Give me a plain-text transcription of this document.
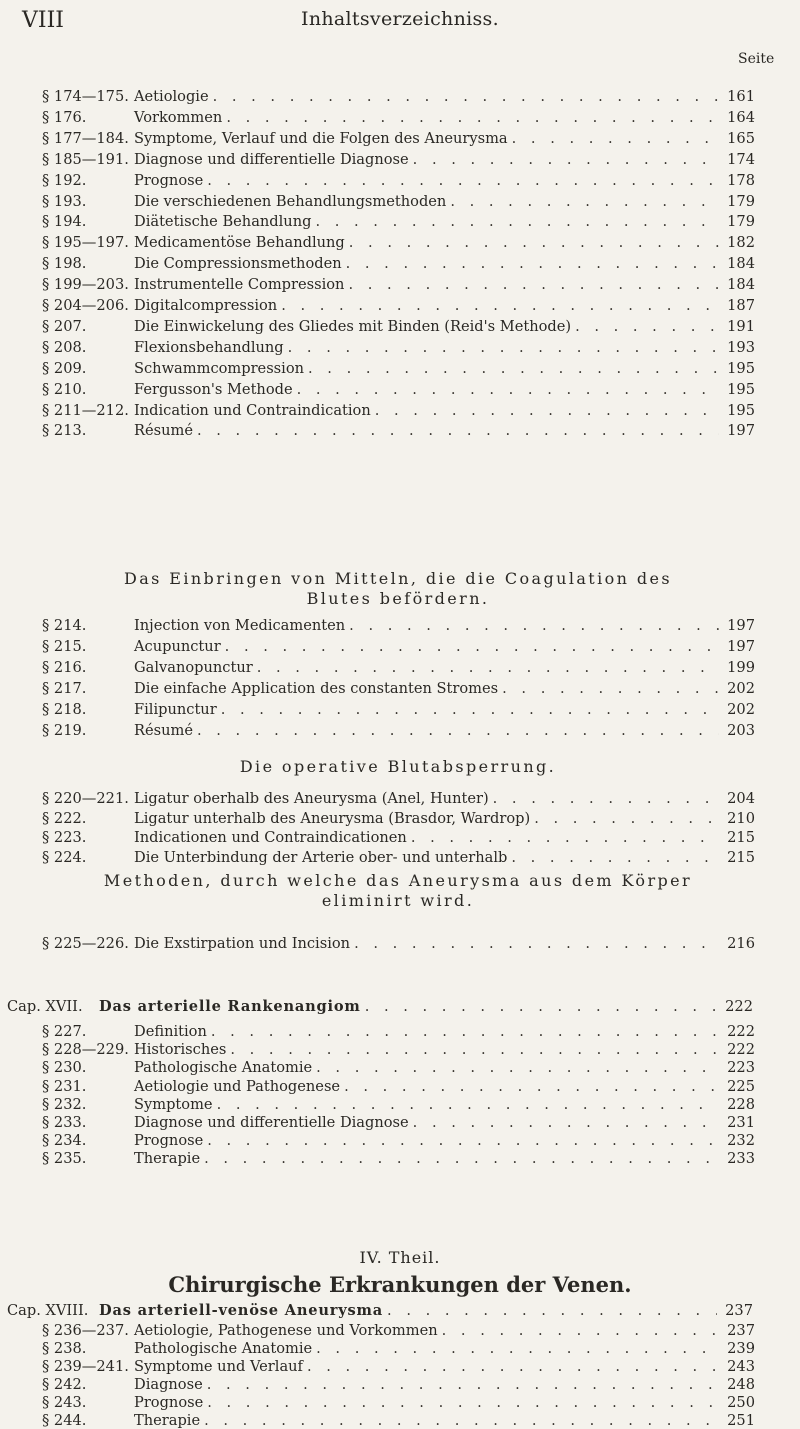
VIII	Inhaltsverzeichniss.
Seite
§ 174—175. Aetiologie . . .	161
§ 176.	Vorkommen . . .	164
§ 177—184. Symptome, Verlauf und die Folgen des Aneurysma . . .	165
§ 185—191. Diagnose und differentielle Diagnose . . .	174
§ 192.	Prognose . . .	178
§ 193.	Die verschiedenen Behandlungsmethoden . . .	179
§ 194.	Diätetische Behandlung . . .	179
§ 195—197. Medicamentöse Behandlung . . .	182
§ 198.	Die Compressionsmethoden . . .	184
§ 199—203. Instrumentelle Compression . . .	184
§ 204—206. Digitalcompression . . .	187
§ 207.	Die Einwickelung des Gliedes mit Binden (Reid's Methode) . . .	191
§ 208.	Flexionsbehandlung . . .	193
§ 209.	Schwammcompression . . .	195
§ 210.	Fergusson's Methode . . .	195
§ 211—212. Indication und Contraindication . . .	195
§ 213.	Résumé . . .	197
Das Einbringen von Mitteln, die die Coagulation des
Blutes befördern.
§ 214.	Injection von Medicamenten . . .	197
§ 215.	Acupunctur . . .	197
§ 216.	Galvanopunctur . . .	199
§ 217.	Die einfache Application des constanten Stromes . . .	202
§ 218.	Filipunctur . . .	202
§ 219.	Résumé . . .	203
Die operative Blutabsperrung.
§ 220—221. Ligatur oberhalb des Aneurysma (Anel, Hunter) . . .	204
§ 222.	Ligatur unterhalb des Aneurysma (Brasdor, Wardrop) . . .	210
§ 223.	Indicationen und Contraindicationen . . .	215
§ 224.	Die Unterbindung der Arterie ober- und unterhalb . . .	215
Methoden, durch welche das Aneurysma aus dem Körper
eliminirt wird.
§ 225—226. Die Exstirpation und Incision . . .	216
Cap. XVII.	Das arterielle Rankenangiom . . .	222
§ 227.	Definition . . .	222
§ 228—229. Historisches . . .	222
§ 230.	Pathologische Anatomie . . .	223
§ 231.	Aetiologie und Pathogenese . . .	225
§ 232.	Symptome . . .	228
§ 233.	Diagnose und differentielle Diagnose . . .	231
§ 234.	Prognose . . .	232
§ 235.	Therapie . . .	233
IV. Theil.
Chirurgische Erkrankungen der Venen.
Cap. XVIII. Das arteriell-venöse Aneurysma . . .	237
§ 236—237. Aetiologie, Pathogenese und Vorkommen . . .	237
§ 238.	Pathologische Anatomie . . .	239
§ 239—241. Symptome und Verlauf . . .	243
§ 242.	Diagnose . . .	248
§ 243.	Prognose . . .	250
§ 244.	Therapie . . .	251
